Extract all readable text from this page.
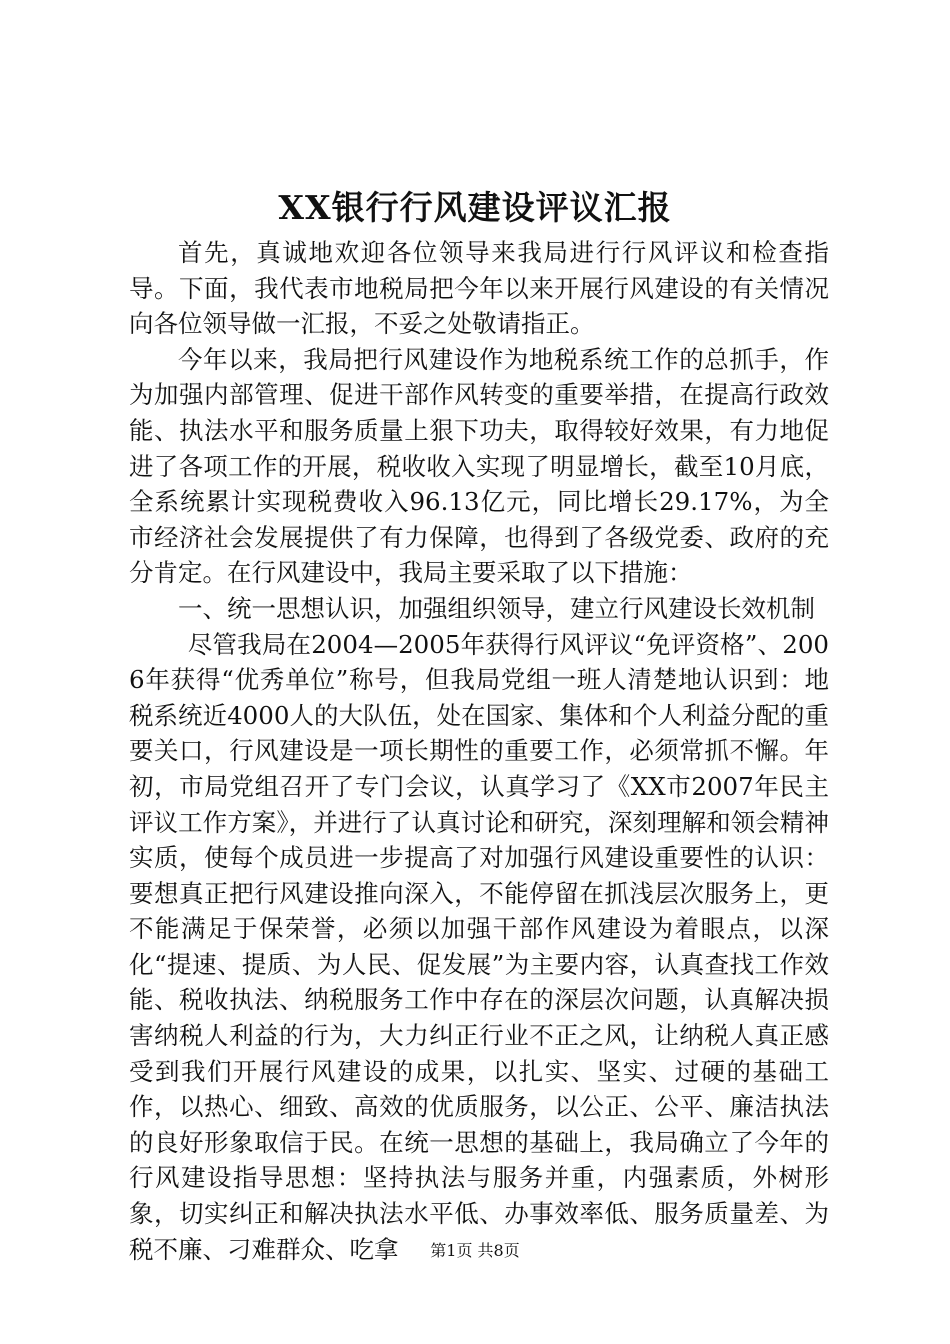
XX银行行风建设评议汇报

首先，真诚地欢迎各位领导来我局进行行风评议和检查指导。下面，我代表市地税局把今年以来开展行风建设的有关情况向各位领导做一汇报，不妥之处敬请指正。

今年以来，我局把行风建设作为地税系统工作的总抓手，作为加强内部管理、促进干部作风转变的重要举措，在提高行政效能、执法水平和服务质量上狠下功夫，取得较好效果，有力地促进了各项工作的开展，税收收入实现了明显增长，截至10月底，全系统累计实现税费收入96.13亿元，同比增长29.17%，为全市经济社会发展提供了有力保障，也得到了各级党委、政府的充分肯定。在行风建设中，我局主要采取了以下措施：

一、统一思想认识，加强组织领导，建立行风建设长效机制

尽管我局在2004—2005年获得行风评议“免评资格”、2006年获得“优秀单位”称号，但我局党组一班人清楚地认识到：地税系统近4000人的大队伍，处在国家、集体和个人利益分配的重要关口，行风建设是一项长期性的重要工作，必须常抓不懈。年初，市局党组召开了专门会议，认真学习了《XX市2007年民主评议工作方案》，并进行了认真讨论和研究，深刻理解和领会精神实质，使每个成员进一步提高了对加强行风建设重要性的认识：要想真正把行风建设推向深入，不能停留在抓浅层次服务上，更不能满足于保荣誉，必须以加强干部作风建设为着眼点，以深化“提速、提质、为人民、促发展”为主要内容，认真查找工作效能、税收执法、纳税服务工作中存在的深层次问题，认真解决损害纳税人利益的行为，大力纠正行业不正之风，让纳税人真正感受到我们开展行风建设的成果，以扎实、坚实、过硬的基础工作，以热心、细致、高效的优质服务，以公正、公平、廉洁执法的良好形象取信于民。在统一思想的基础上，我局确立了今年的行风建设指导思想：坚持执法与服务并重，内强素质，外树形象，切实纠正和解决执法水平低、办事效率低、服务质量差、为税不廉、刁难群众、吃拿	第1页 共8页
